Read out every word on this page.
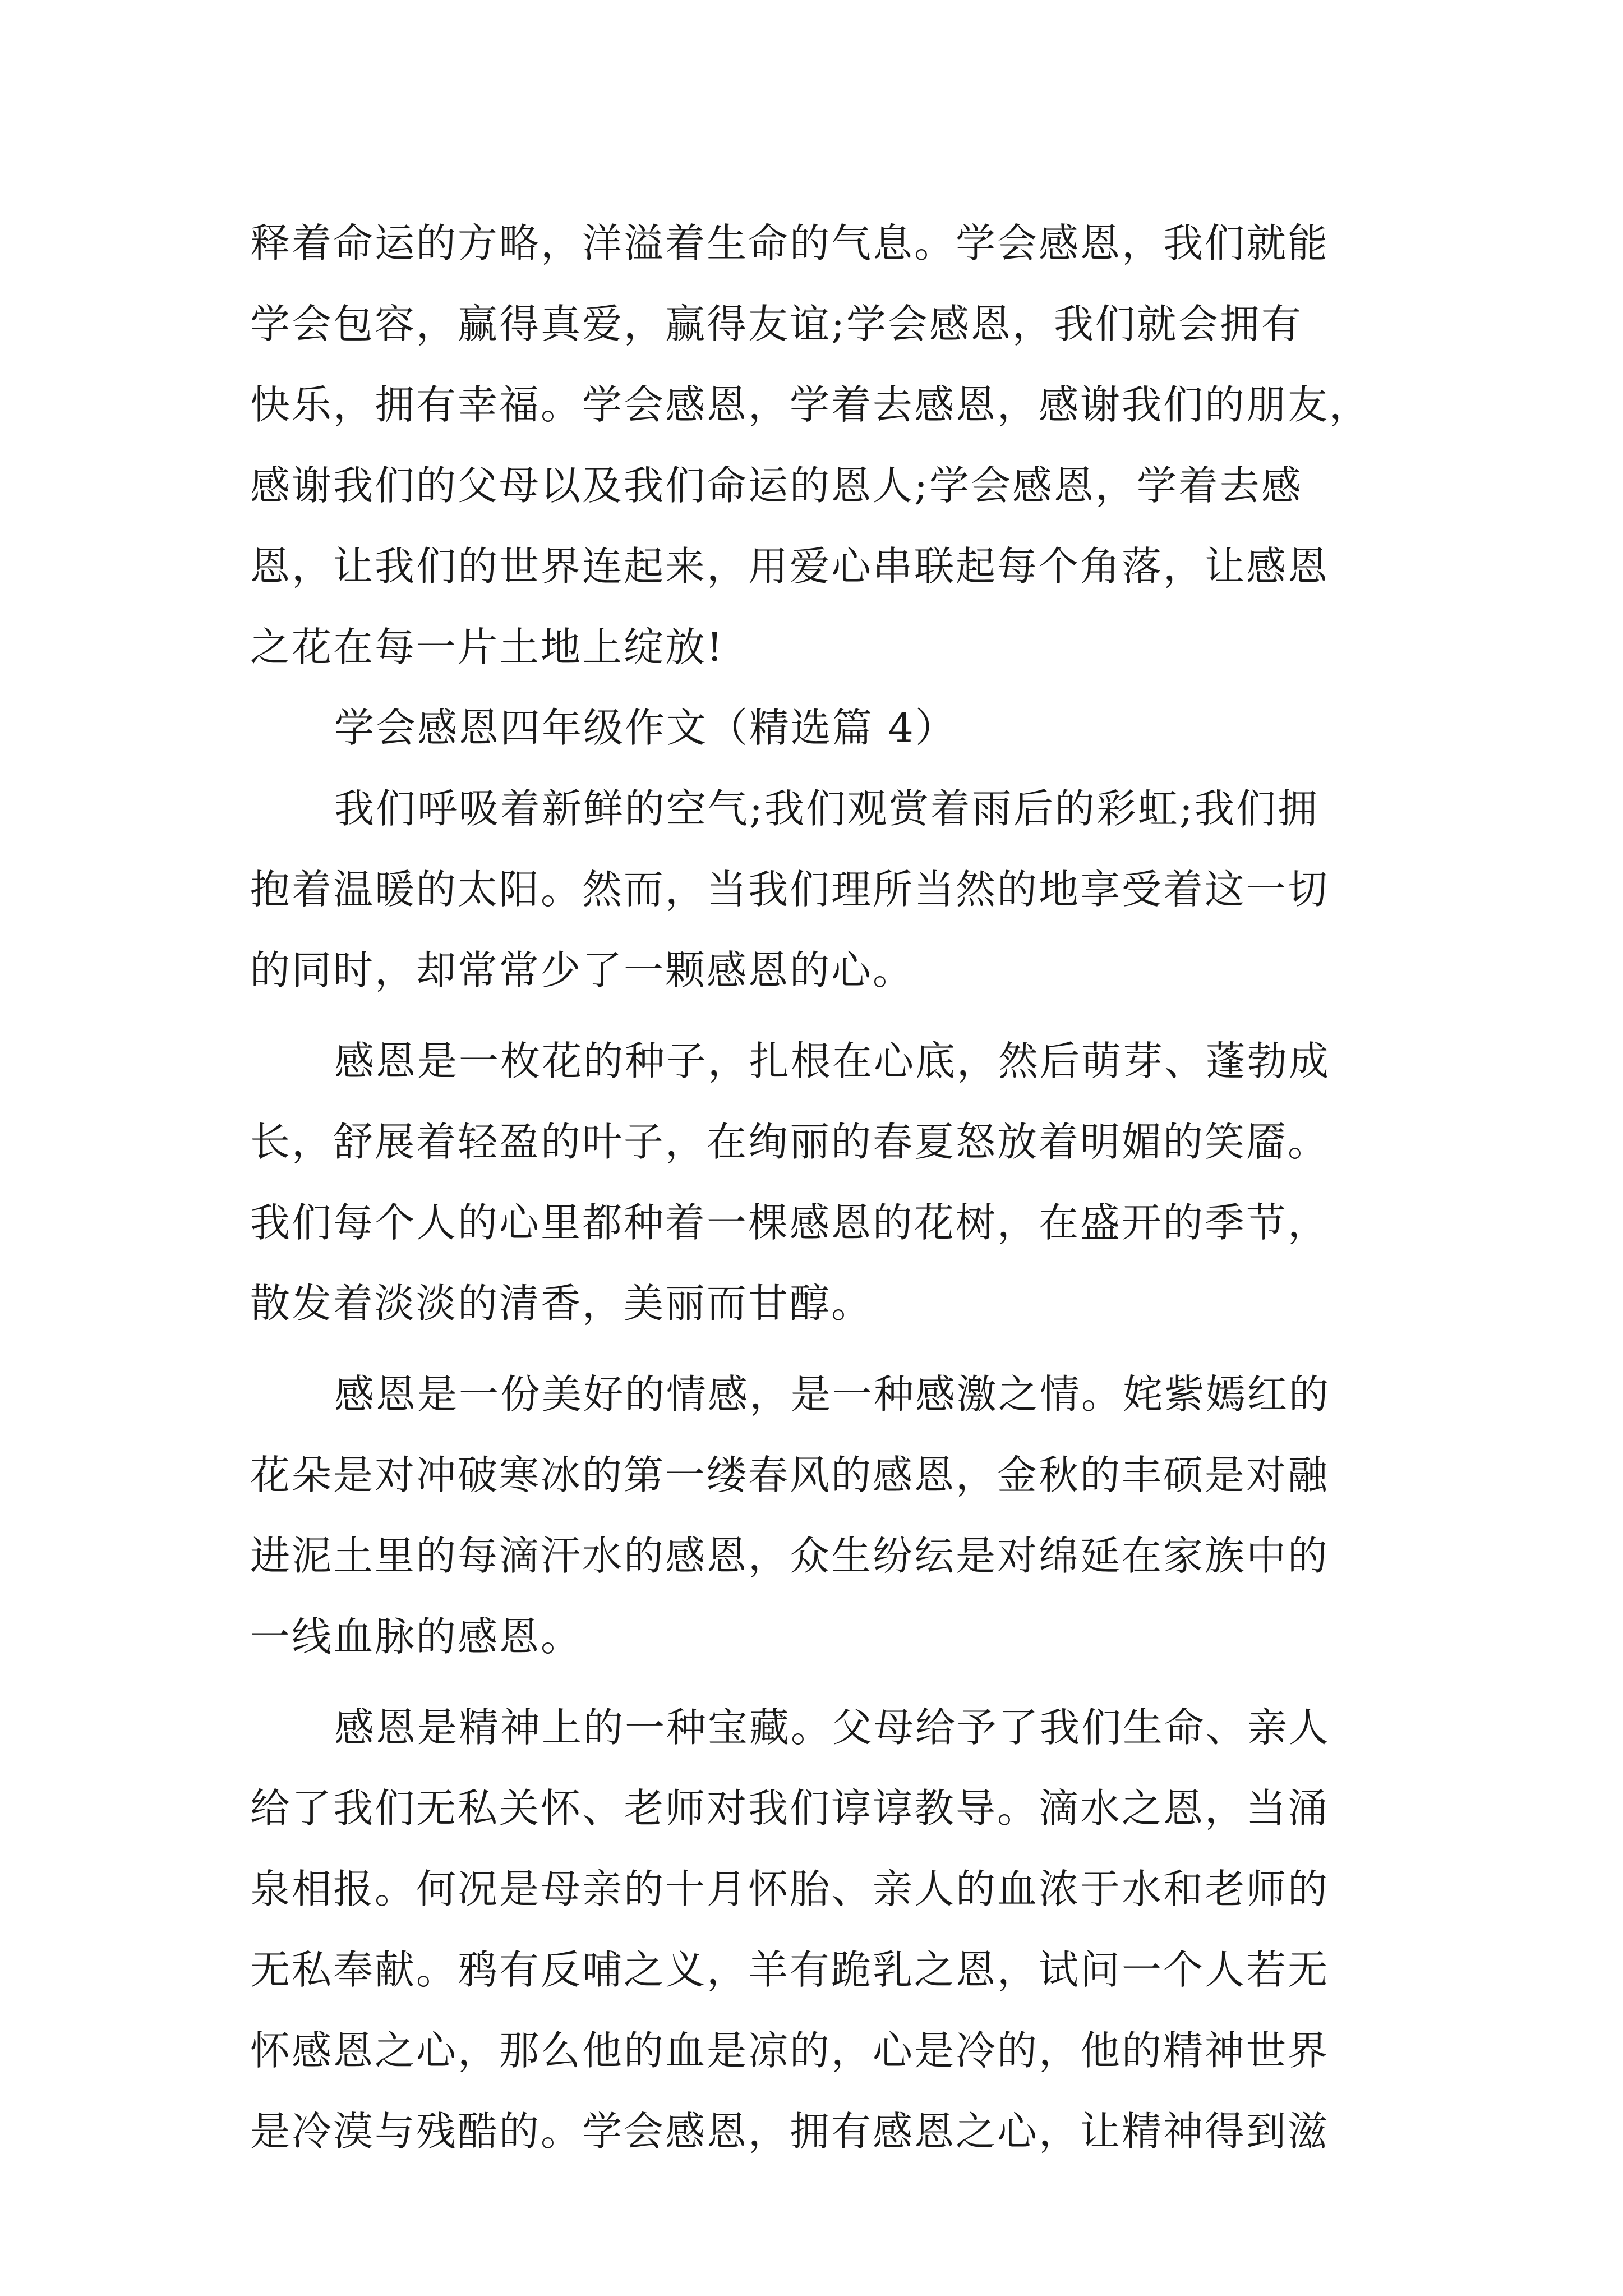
释着命运的方略，洋溢着生命的气息。学会感恩，我们就能
学会包容，赢得真爱，赢得友谊;学会感恩，我们就会拥有
快乐，拥有幸福。学会感恩，学着去感恩，感谢我们的朋友，
感谢我们的父母以及我们命运的恩人;学会感恩，学着去感
恩，让我们的世界连起来，用爱心串联起每个角落，让感恩
之花在每一片土地上绽放!
学会感恩四年级作文（精选篇 4）
我们呼吸着新鲜的空气;我们观赏着雨后的彩虹;我们拥
抱着温暖的太阳。然而，当我们理所当然的地享受着这一切
的同时，却常常少了一颗感恩的心。
感恩是一枚花的种子，扎根在心底，然后萌芽、蓬勃成
长，舒展着轻盈的叶子，在绚丽的春夏怒放着明媚的笑靥。
我们每个人的心里都种着一棵感恩的花树，在盛开的季节，
散发着淡淡的清香，美丽而甘醇。
感恩是一份美好的情感，是一种感激之情。姹紫嫣红的
花朵是对冲破寒冰的第一缕春风的感恩，金秋的丰硕是对融
进泥土里的每滴汗水的感恩，众生纷纭是对绵延在家族中的
一线血脉的感恩。
感恩是精神上的一种宝藏。父母给予了我们生命、亲人
给了我们无私关怀、老师对我们谆谆教导。滴水之恩，当涌
泉相报。何况是母亲的十月怀胎、亲人的血浓于水和老师的
无私奉献。鸦有反哺之义，羊有跪乳之恩，试问一个人若无
怀感恩之心，那么他的血是凉的，心是冷的，他的精神世界
是冷漠与残酷的。学会感恩，拥有感恩之心，让精神得到滋
